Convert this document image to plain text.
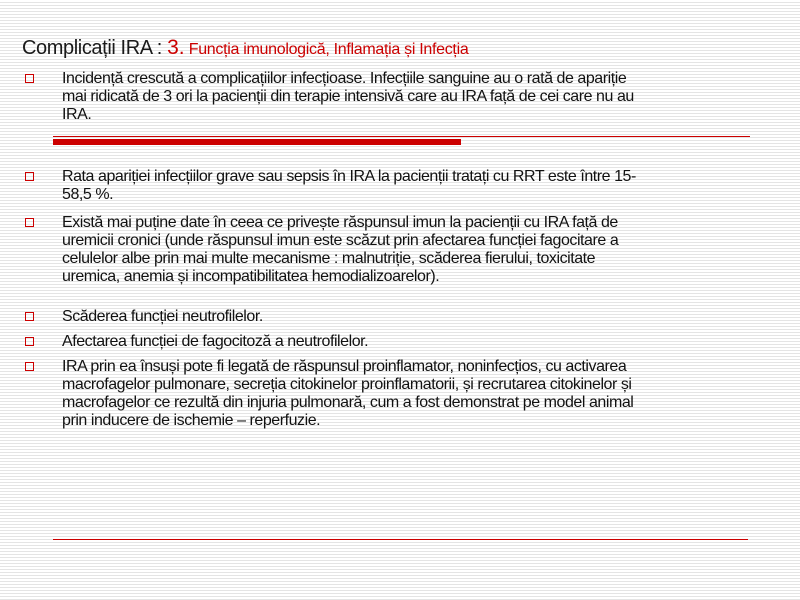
Complicații IRA : 3. Funcția imunologică, Inflamația și Infecția
Incidență crescută a complicațiilor infecțioase. Infecțiile sanguine au o rată de apariție
mai ridicată de 3 ori la pacienții din terapie intensivă care au IRA față de cei care nu au
IRA.
Rata apariției infecțiilor grave sau sepsis în IRA la pacienții tratați cu RRT este între 15-
58,5 %.
Există mai puține date în ceea ce privește răspunsul imun la pacienții cu IRA față de
uremicii cronici (unde răspunsul imun este scăzut prin afectarea funcției fagocitare a
celulelor albe prin mai multe mecanisme : malnutriție, scăderea fierului, toxicitate
uremica, anemia și incompatibilitatea hemodializoarelor).
Scăderea funcției neutrofilelor.
Afectarea funcției de fagocitoză a neutrofilelor.
IRA prin ea însuși pote fi legată de răspunsul proinflamator, noninfecțios, cu activarea
macrofagelor pulmonare, secreția citokinelor proinflamatorii, și recrutarea citokinelor și
macrofagelor ce rezultă din injuria pulmonară, cum a fost demonstrat pe model animal
prin inducere de ischemie – reperfuzie.
